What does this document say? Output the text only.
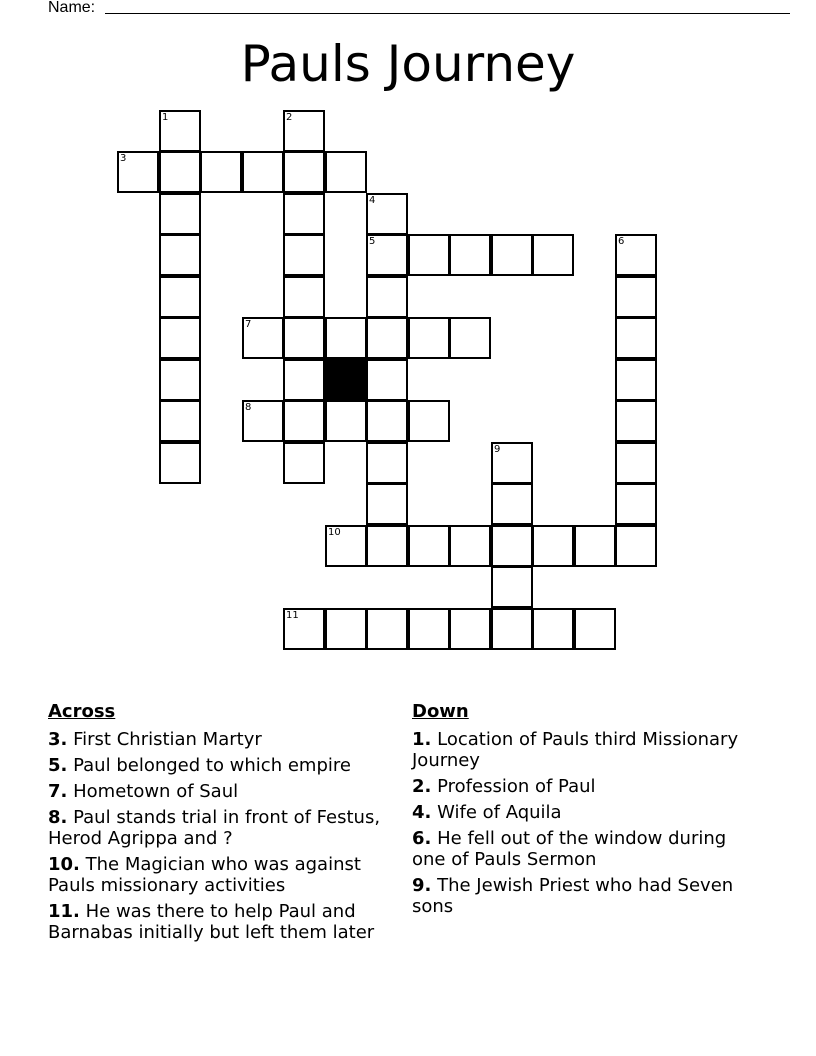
Name:
Pauls Journey
1	2
3
4
5	6
7
8
9
10
11
Across
3. First Christian Martyr
5. Paul belonged to which empire
7. Hometown of Saul
8. Paul stands trial in front of Festus, Herod Agrippa and ?
10. The Magician who was against Pauls missionary activities
11. He was there to help Paul and Barnabas initially but left them later
Down
1. Location of Pauls third Missionary Journey
2. Profession of Paul
4. Wife of Aquila
6. He fell out of the window during one of Pauls Sermon
9. The Jewish Priest who had Seven sons
